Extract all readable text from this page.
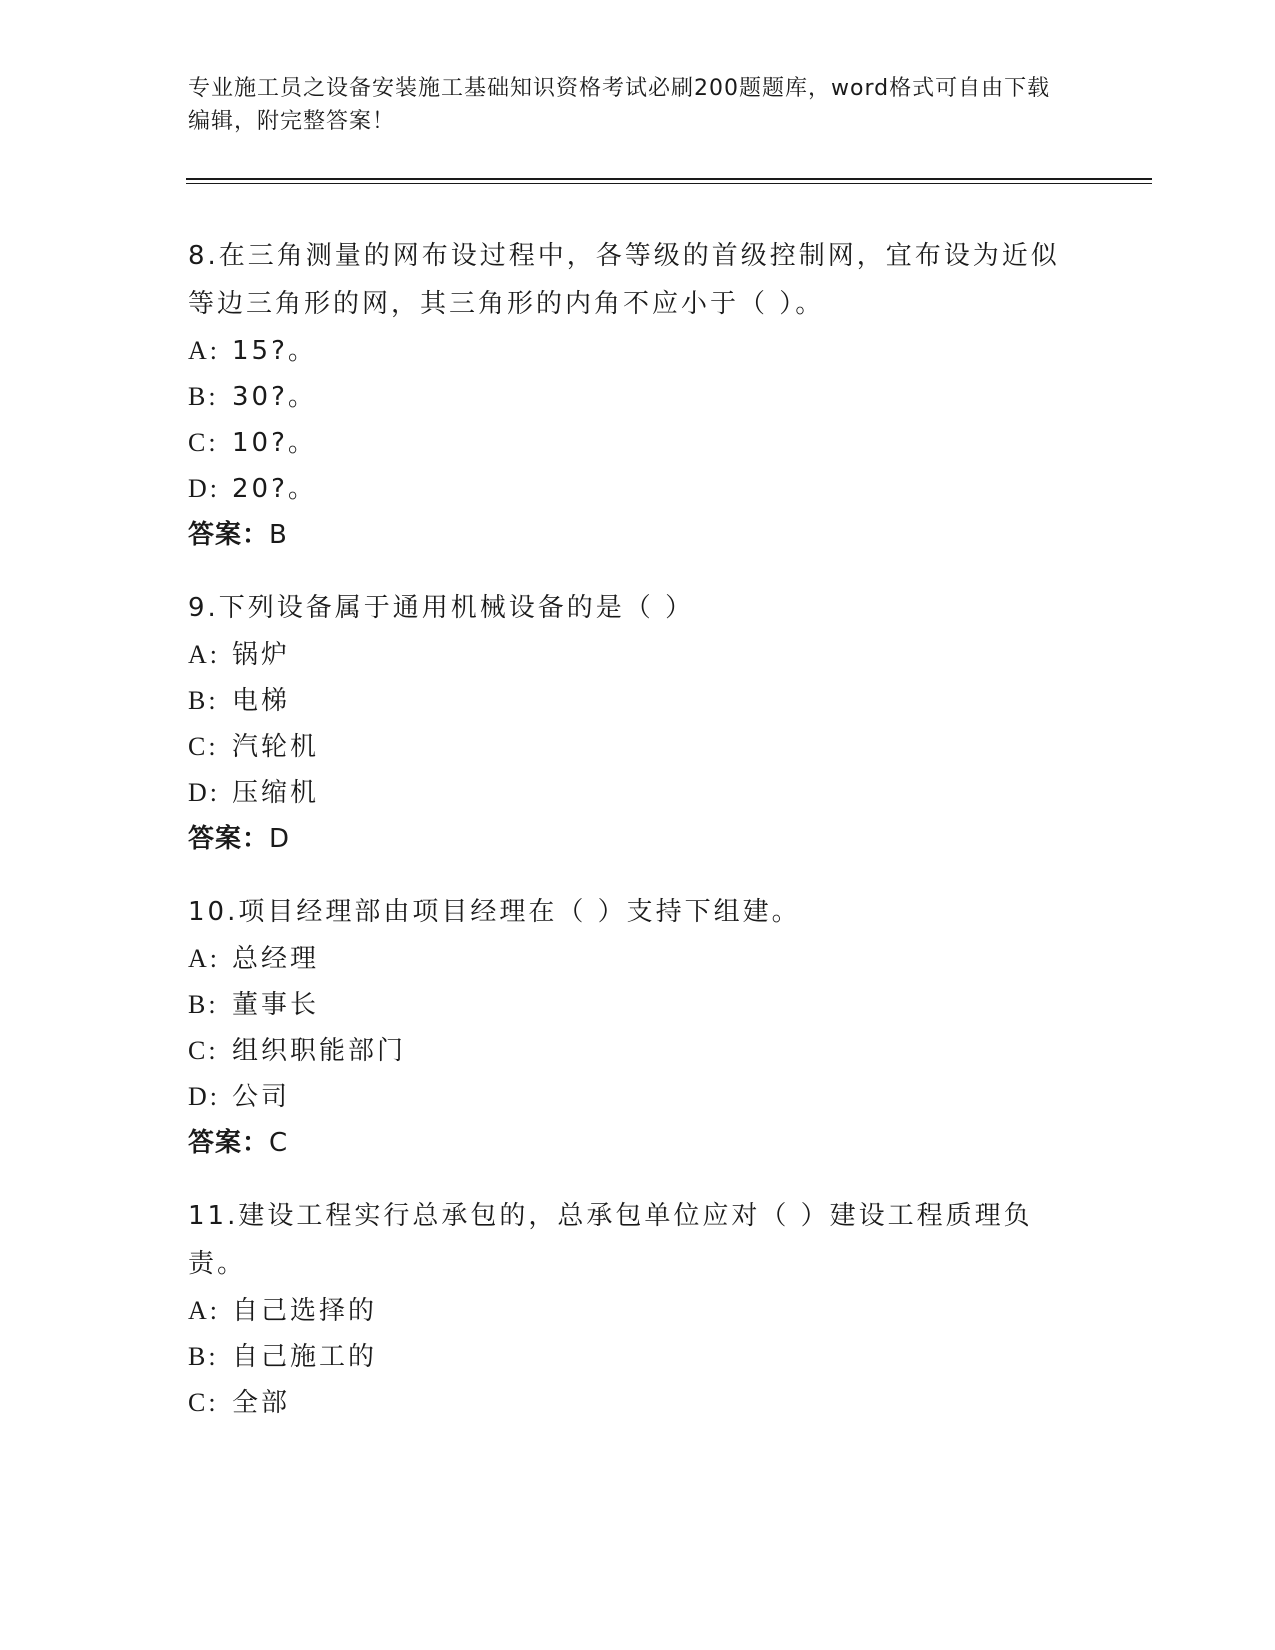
专业施工员之设备安装施工基础知识资格考试必刷200题题库，word格式可自由下载编辑，附完整答案！
8.在三角测量的网布设过程中，各等级的首级控制网，宜布设为近似等边三角形的网，其三角形的内角不应小于（ ）。
A: 15?。
B: 30?。
C: 10?。
D: 20?。
答案：B
9.下列设备属于通用机械设备的是（ ）
A: 锅炉
B: 电梯
C: 汽轮机
D: 压缩机
答案：D
10.项目经理部由项目经理在（ ）支持下组建。
A: 总经理
B: 董事长
C: 组织职能部门
D: 公司
答案：C
11.建设工程实行总承包的，总承包单位应对（ ）建设工程质理负责。
A: 自己选择的
B: 自己施工的
C: 全部
